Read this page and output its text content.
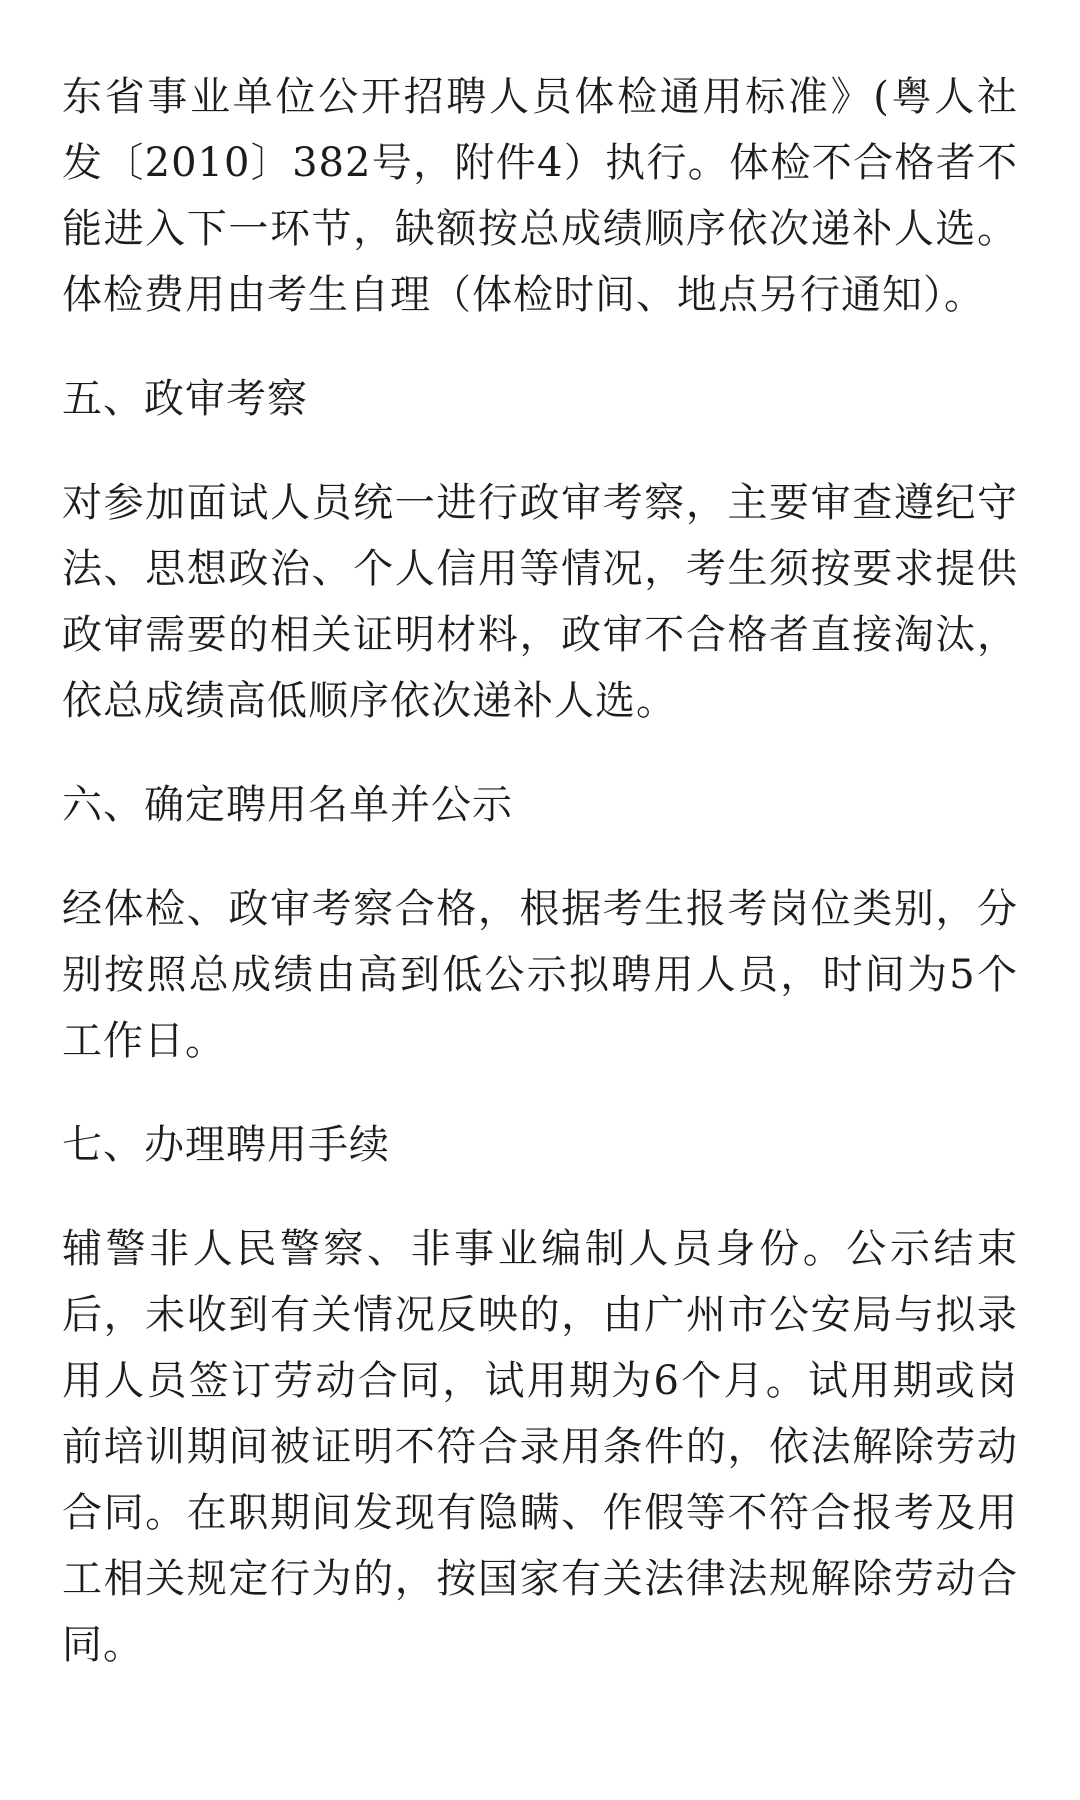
东省事业单位公开招聘人员体检通用标准》(粤人社发〔2010〕382号，附件4）执行。体检不合格者不能进入下一环节，缺额按总成绩顺序依次递补人选。体检费用由考生自理（体检时间、地点另行通知）。

五、政审考察

对参加面试人员统一进行政审考察，主要审查遵纪守法、思想政治、个人信用等情况，考生须按要求提供政审需要的相关证明材料，政审不合格者直接淘汰，依总成绩高低顺序依次递补人选。

六、确定聘用名单并公示

经体检、政审考察合格，根据考生报考岗位类别，分别按照总成绩由高到低公示拟聘用人员，时间为5个工作日。

七、办理聘用手续

辅警非人民警察、非事业编制人员身份。公示结束后，未收到有关情况反映的，由广州市公安局与拟录用人员签订劳动合同，试用期为6个月。试用期或岗前培训期间被证明不符合录用条件的，依法解除劳动合同。在职期间发现有隐瞒、作假等不符合报考及用工相关规定行为的，按国家有关法律法规解除劳动合同。
